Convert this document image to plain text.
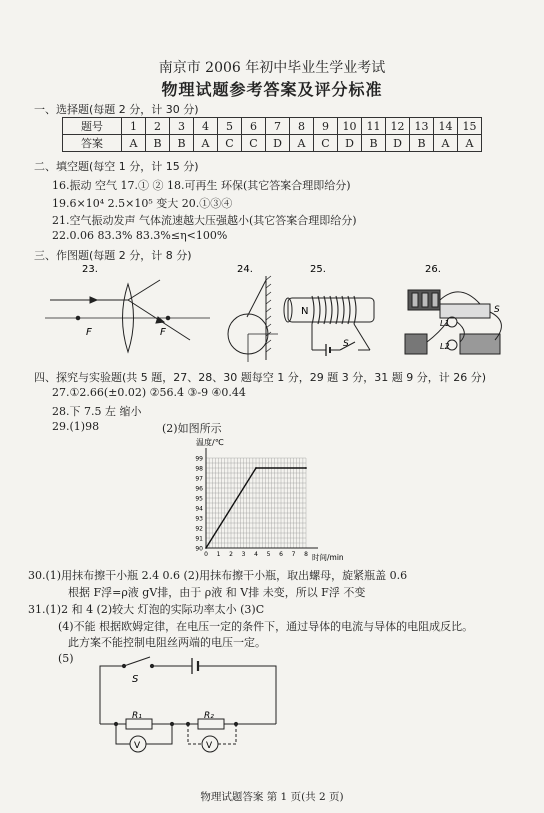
南京市 2006 年初中毕业生学业考试
物理试题参考答案及评分标准
一、选择题(每题 2 分，计 30 分)
题号	1	2	3	4	5	6	7	8	9	10	11	12	13	14	15
答案	A	B	B	A	C	C	D	A	C	D	B	D	B	A	A
二、填空题(每空 1 分，计 15 分)
16.振动 空气 17.① ② 18.可再生 环保(其它答案合理即给分)
19.6×10⁴ 2.5×10⁵ 变大 20.①③④
21.空气振动发声 气体流速越大压强越小(其它答案合理即给分)
22.0.06 83.3% 83.3%≤η<100%
三、作图题(每题 2 分，计 8 分)
23.	24.	25.	26.
F	F
N
S
S
L1
L2
四、探究与实验题(共 5 题，27、28、30 题每空 1 分，29 题 3 分，31 题 9 分，计 26 分)
27.①2.66(±0.02) ②56.4 ③-9 ④0.44
28.下 7.5 左 缩小
29.(1)98	(2)如图所示
90
91
92
93
94
95
96
97
98
99
0 1 2 3 4 5 6 7 8
温度/℃
时间/min
30.(1)用抹布擦干小瓶 2.4 0.6 (2)用抹布擦干小瓶，取出螺母，旋紧瓶盖 0.6
根据 F浮=ρ液 gV排，由于 ρ液 和 V排 未变，所以 F浮 不变
31.(1)2 和 4 (2)较大 灯泡的实际功率太小 (3)C
(4)不能 根据欧姆定律，在电压一定的条件下，通过导体的电流与导体的电阻成反比。
此方案不能控制电阻丝两端的电压一定。
(5)
S
R₁	R₂
V	V
物理试题答案 第 1 页(共 2 页)
